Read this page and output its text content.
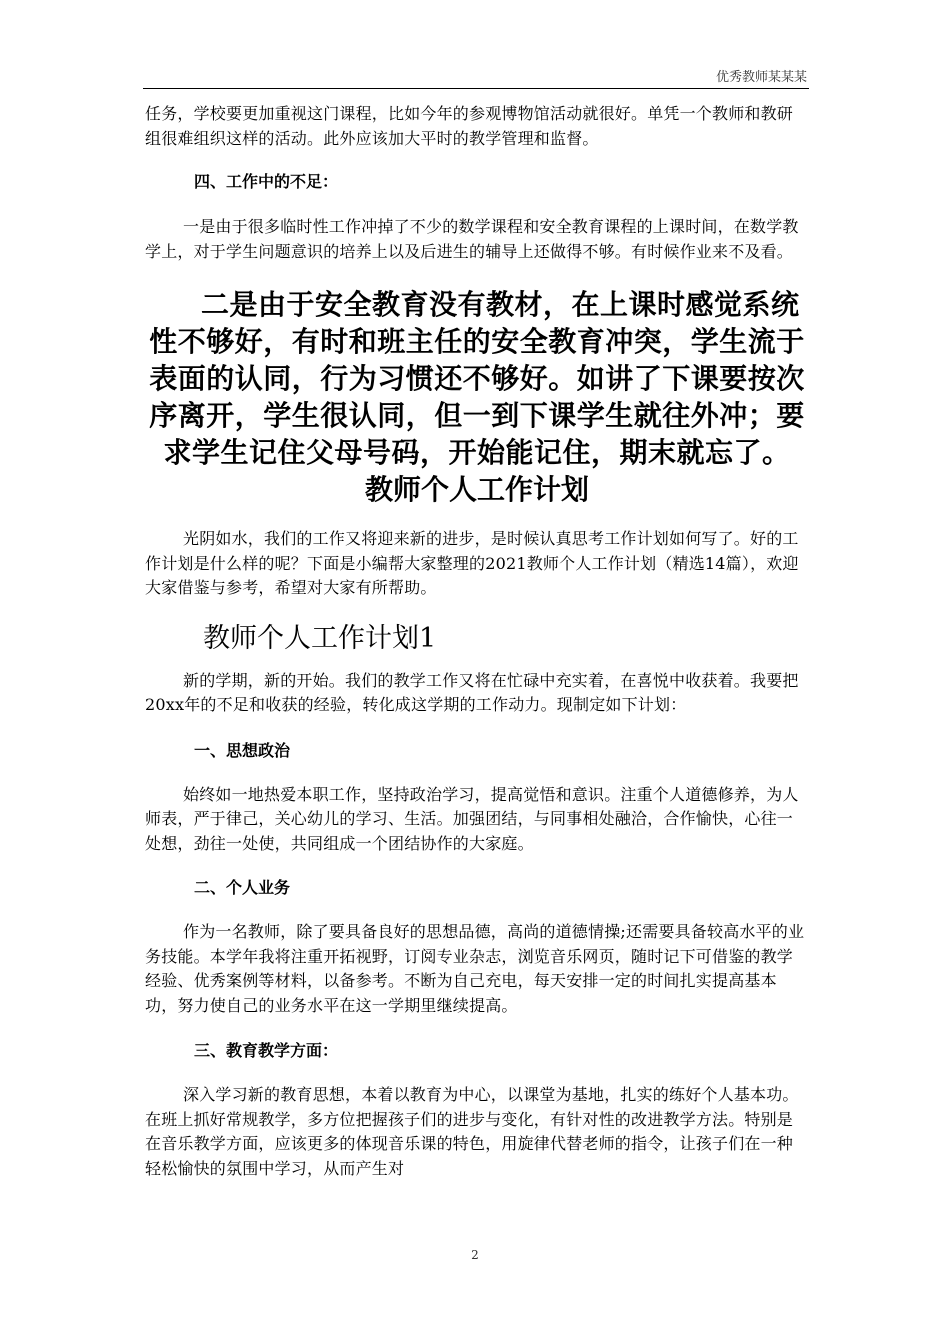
优秀教师某某某

任务，学校要更加重视这门课程，比如今年的参观博物馆活动就很好。单凭一个教师和教研组很难组织这样的活动。此外应该加大平时的教学管理和监督。

四、工作中的不足：

一是由于很多临时性工作冲掉了不少的数学课程和安全教育课程的上课时间，在数学教学上，对于学生问题意识的培养上以及后进生的辅导上还做得不够。有时候作业来不及看。

二是由于安全教育没有教材，在上课时感觉系统
性不够好，有时和班主任的安全教育冲突，学生流于
表面的认同，行为习惯还不够好。如讲了下课要按次
序离开，学生很认同，但一到下课学生就往外冲；要
求学生记住父母号码，开始能记住，期末就忘了。
教师个人工作计划

光阴如水，我们的工作又将迎来新的进步，是时候认真思考工作计划如何写了。好的工作计划是什么样的呢？下面是小编帮大家整理的2021教师个人工作计划（精选14篇），欢迎大家借鉴与参考，希望对大家有所帮助。

教师个人工作计划1

新的学期，新的开始。我们的教学工作又将在忙碌中充实着，在喜悦中收获着。我要把20xx年的不足和收获的经验，转化成这学期的工作动力。现制定如下计划：

一、思想政治

始终如一地热爱本职工作，坚持政治学习，提高觉悟和意识。注重个人道德修养，为人师表，严于律己，关心幼儿的学习、生活。加强团结，与同事相处融洽，合作愉快，心往一处想，劲往一处使，共同组成一个团结协作的大家庭。

二、个人业务

作为一名教师，除了要具备良好的思想品德，高尚的道德情操;还需要具备较高水平的业务技能。本学年我将注重开拓视野，订阅专业杂志，浏览音乐网页，随时记下可借鉴的教学经验、优秀案例等材料，以备参考。不断为自己充电，每天安排一定的时间扎实提高基本功，努力使自己的业务水平在这一学期里继续提高。

三、教育教学方面：

深入学习新的教育思想，本着以教育为中心，以课堂为基地，扎实的练好个人基本功。在班上抓好常规教学，多方位把握孩子们的进步与变化，有针对性的改进教学方法。特别是在音乐教学方面，应该更多的体现音乐课的特色，用旋律代替老师的指令，让孩子们在一种轻松愉快的氛围中学习，从而产生对

2
